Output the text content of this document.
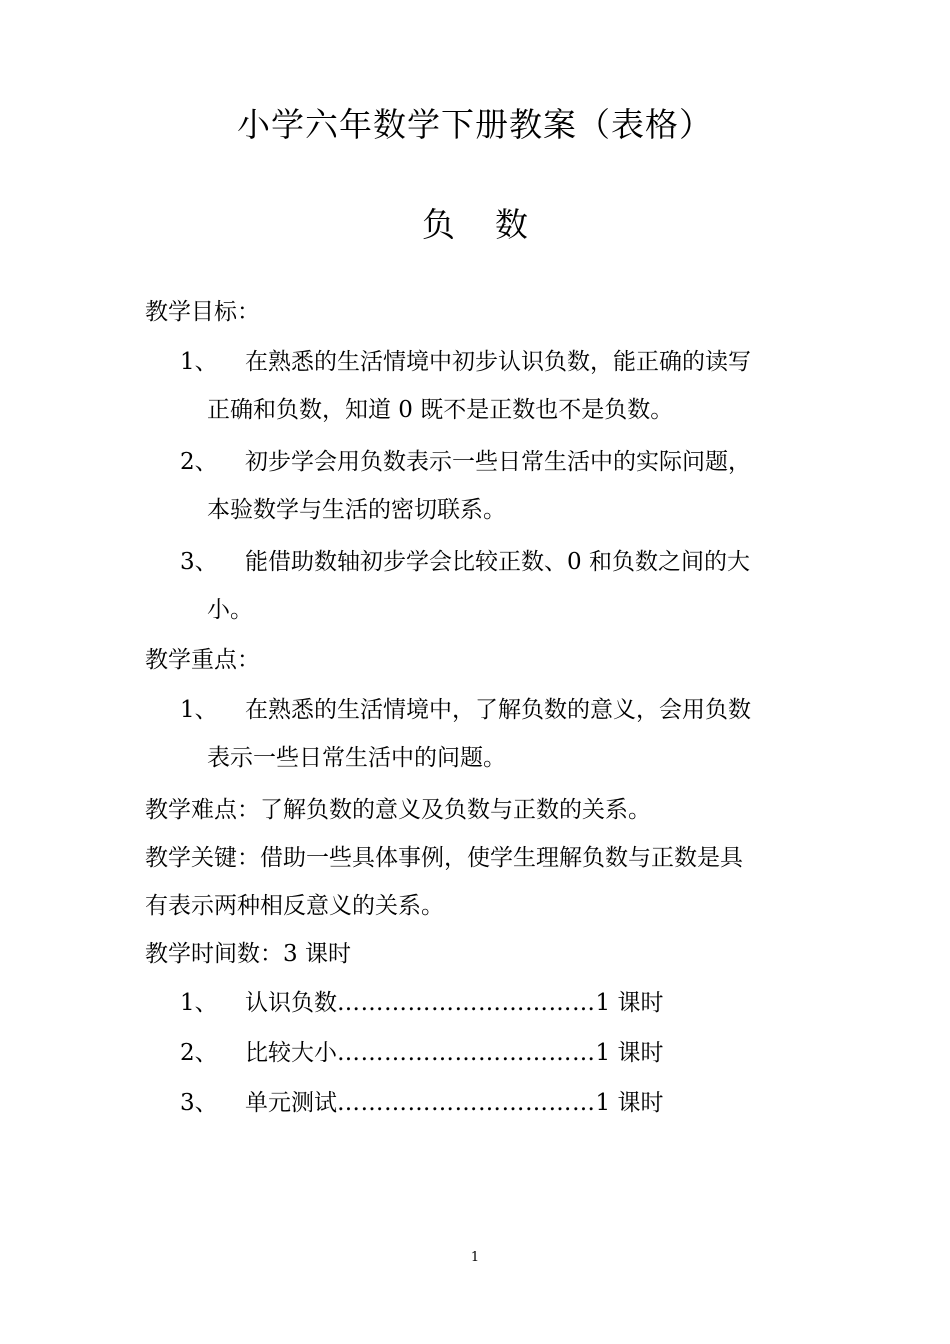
小学六年数学下册教案（表格）
负 数

教学目标：

1、 在熟悉的生活情境中初步认识负数，能正确的读写
正确和负数，知道 0 既不是正数也不是负数。
2、 初步学会用负数表示一些日常生活中的实际问题，
本验数学与生活的密切联系。
3、 能借助数轴初步学会比较正数、0 和负数之间的大
小。

教学重点：

1、 在熟悉的生活情境中，了解负数的意义，会用负数
表示一些日常生活中的问题。

教学难点：了解负数的意义及负数与正数的关系。

教学关键：借助一些具体事例，使学生理解负数与正数是具

有表示两种相反意义的关系。

教学时间数：3 课时

1、 认识负数……………………………1 课时
2、 比较大小……………………………1 课时
3、 单元测试……………………………1 课时
1
